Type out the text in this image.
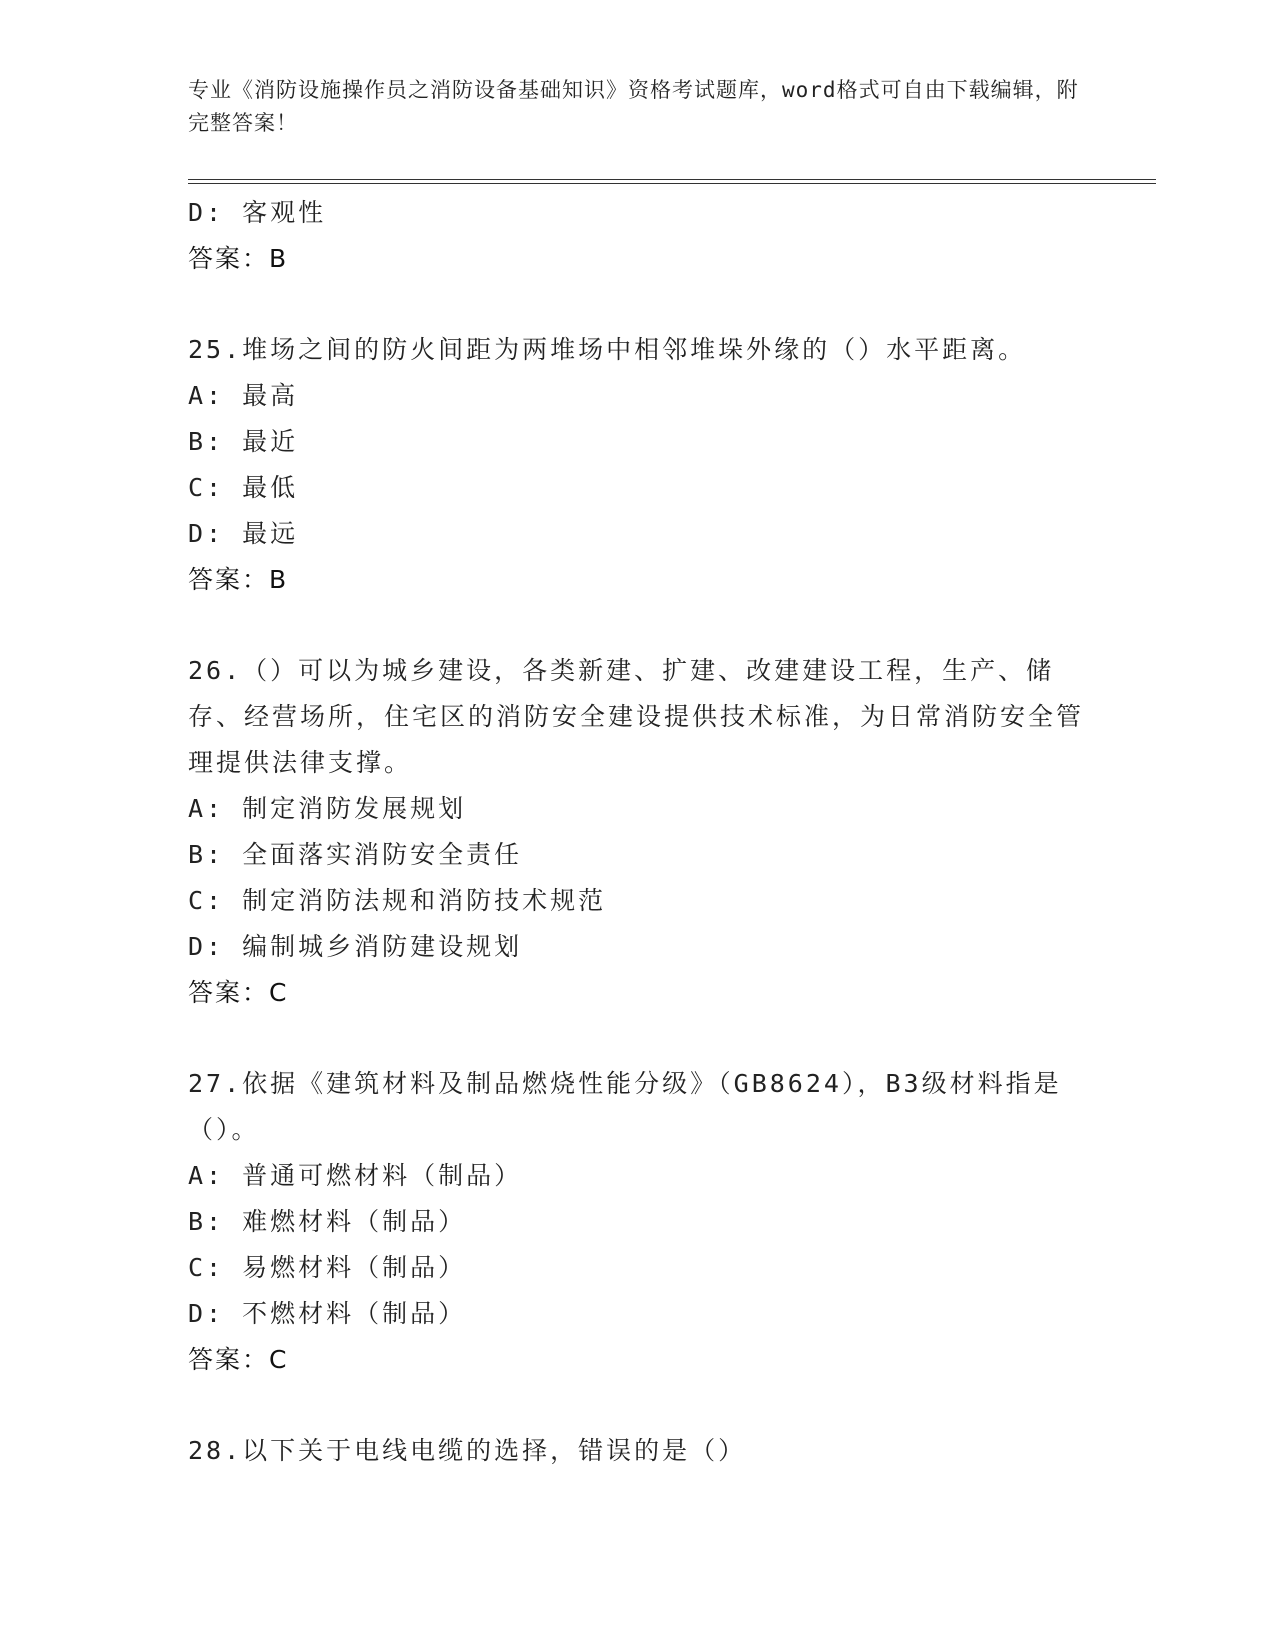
专业《消防设施操作员之消防设备基础知识》资格考试题库，word格式可自由下载编辑，附完整答案！
D: 客观性
答案：B
25.堆场之间的防火间距为两堆场中相邻堆垛外缘的（）水平距离。
A: 最高
B: 最近
C: 最低
D: 最远
答案：B
26.（）可以为城乡建设，各类新建、扩建、改建建设工程，生产、储存、经营场所，住宅区的消防安全建设提供技术标准，为日常消防安全管理提供法律支撑。
A: 制定消防发展规划
B: 全面落实消防安全责任
C: 制定消防法规和消防技术规范
D: 编制城乡消防建设规划
答案：C
27.依据《建筑材料及制品燃烧性能分级》（GB8624），B3级材料指是（）。
A: 普通可燃材料（制品）
B: 难燃材料（制品）
C: 易燃材料（制品）
D: 不燃材料（制品）
答案：C
28.以下关于电线电缆的选择，错误的是（）
